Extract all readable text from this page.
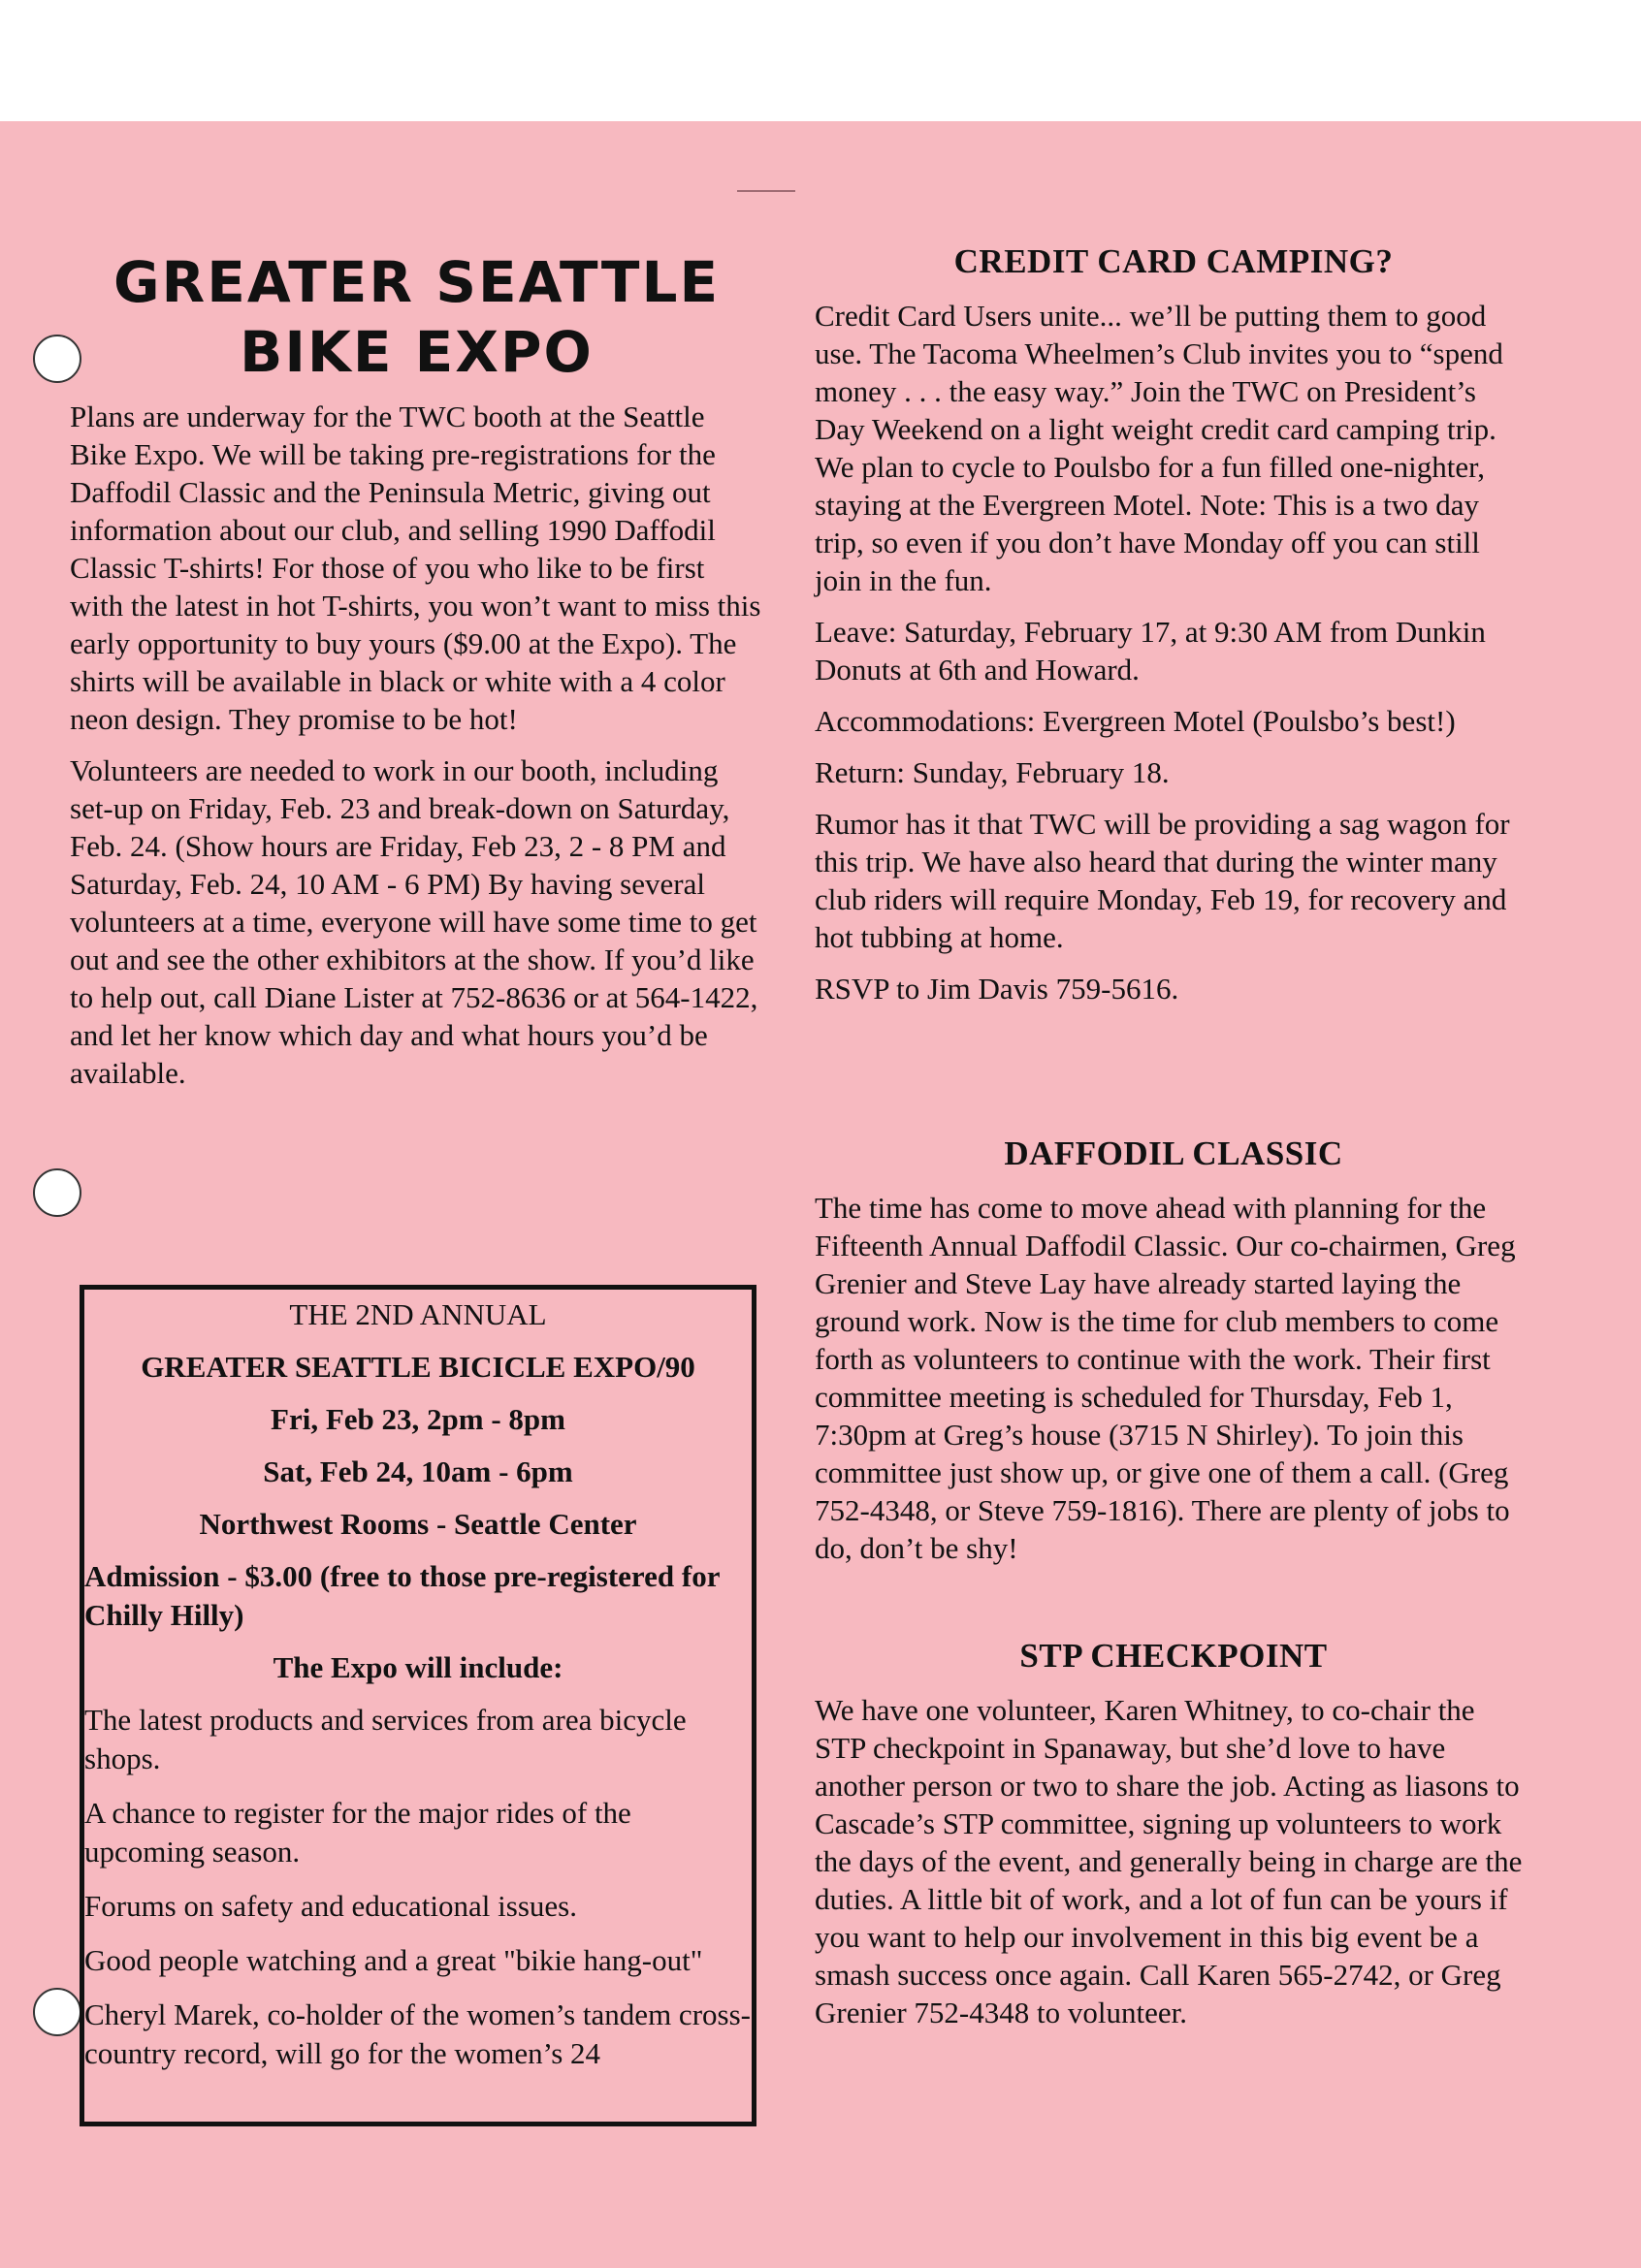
GREATER SEATTLE
BIKE EXPO

Plans are underway for the TWC booth at the Seattle Bike Expo. We will be taking pre-registrations for the Daffodil Classic and the Peninsula Metric, giving out information about our club, and selling 1990 Daffodil Classic T-shirts! For those of you who like to be first with the latest in hot T-shirts, you won’t want to miss this early opportunity to buy yours ($9.00 at the Expo). The shirts will be available in black or white with a 4 color neon design. They promise to be hot!

Volunteers are needed to work in our booth, including set-up on Friday, Feb. 23 and break-down on Saturday, Feb. 24. (Show hours are Friday, Feb 23, 2 - 8 PM and Saturday, Feb. 24, 10 AM - 6 PM) By having several volunteers at a time, everyone will have some time to get out and see the other exhibitors at the show. If you’d like to help out, call Diane Lister at 752-8636 or at 564-1422, and let her know which day and what hours you’d be available.

THE 2ND ANNUAL
GREATER SEATTLE BICICLE EXPO/90
Fri, Feb 23, 2pm - 8pm
Sat, Feb 24, 10am - 6pm
Northwest Rooms - Seattle Center
Admission - $3.00 (free to those pre-registered for Chilly Hilly)
The Expo will include:
The latest products and services from area bicycle shops.
A chance to register for the major rides of the upcoming season.
Forums on safety and educational issues.
Good people watching and a great "bikie hang-out"
Cheryl Marek, co-holder of the women’s tandem cross-country record, will go for the women’s 24
CREDIT CARD CAMPING?

Credit Card Users unite... we’ll be putting them to good use. The Tacoma Wheelmen’s Club invites you to “spend money . . . the easy way.” Join the TWC on President’s Day Weekend on a light weight credit card camping trip. We plan to cycle to Poulsbo for a fun filled one-nighter, staying at the Evergreen Motel. Note: This is a two day trip, so even if you don’t have Monday off you can still join in the fun.

Leave: Saturday, February 17, at 9:30 AM from Dunkin Donuts at 6th and Howard.

Accommodations: Evergreen Motel (Poulsbo’s best!)

Return: Sunday, February 18.

Rumor has it that TWC will be providing a sag wagon for this trip. We have also heard that during the winter many club riders will require Monday, Feb 19, for recovery and hot tubbing at home.

RSVP to Jim Davis 759-5616.

DAFFODIL CLASSIC

The time has come to move ahead with planning for the Fifteenth Annual Daffodil Classic. Our co-chairmen, Greg Grenier and Steve Lay have already started laying the ground work. Now is the time for club members to come forth as volunteers to continue with the work. Their first committee meeting is scheduled for Thursday, Feb 1, 7:30pm at Greg’s house (3715 N Shirley). To join this committee just show up, or give one of them a call. (Greg 752-4348, or Steve 759-1816). There are plenty of jobs to do, don’t be shy!

STP CHECKPOINT

We have one volunteer, Karen Whitney, to co-chair the STP checkpoint in Spanaway, but she’d love to have another person or two to share the job. Acting as liasons to Cascade’s STP committee, signing up volunteers to work the days of the event, and generally being in charge are the duties. A little bit of work, and a lot of fun can be yours if you want to help our involvement in this big event be a smash success once again. Call Karen 565-2742, or Greg Grenier 752-4348 to volunteer.
